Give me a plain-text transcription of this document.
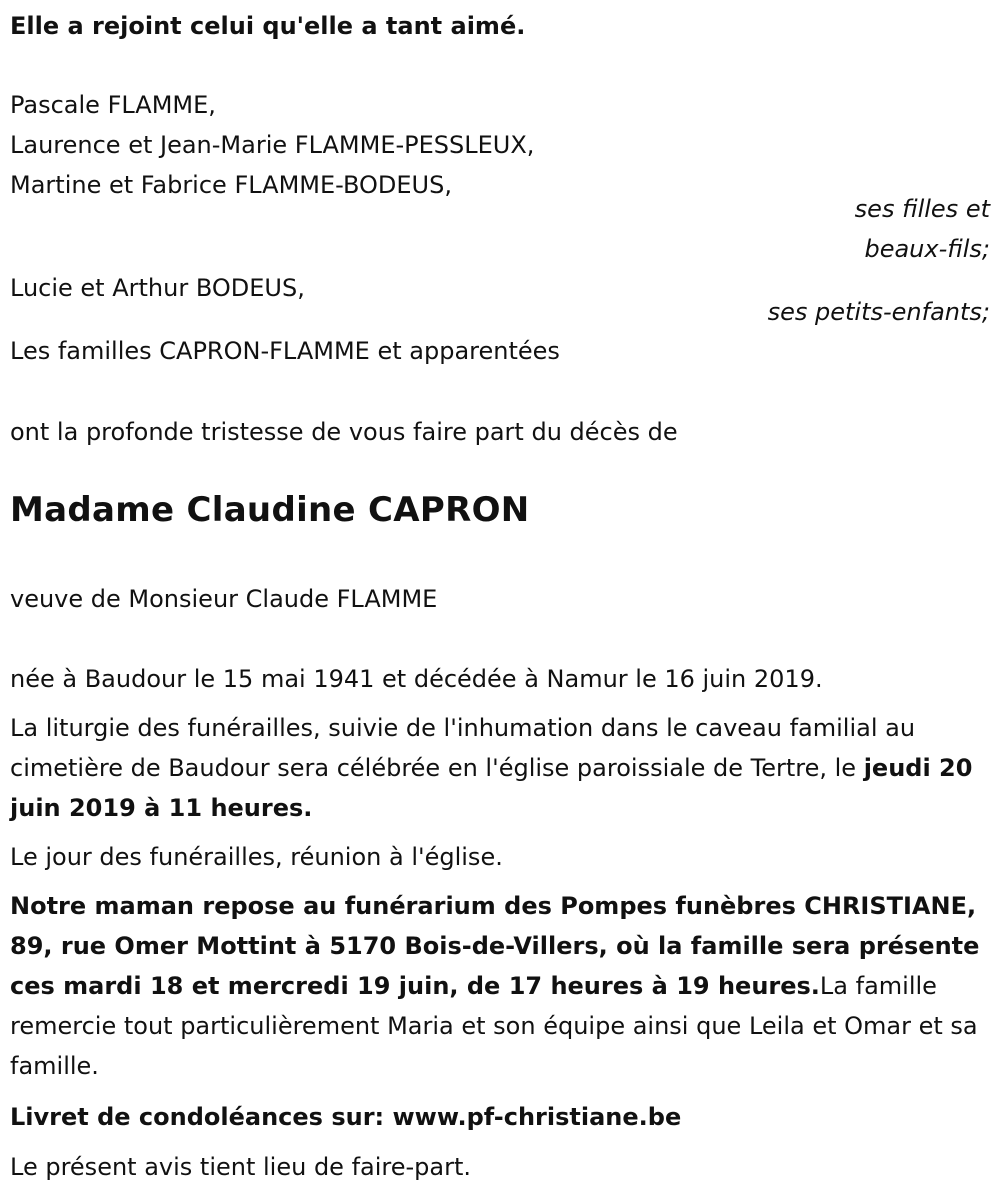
Elle a rejoint celui qu'elle a tant aimé.
Pascale FLAMME,
Laurence et Jean-Marie FLAMME-PESSLEUX,
Martine et Fabrice FLAMME-BODEUS,
ses filles et
beaux-fils;
Lucie et Arthur BODEUS,
ses petits-enfants;
Les familles CAPRON-FLAMME et apparentées
ont la profonde tristesse de vous faire part du décès de
Madame Claudine CAPRON
veuve de Monsieur Claude FLAMME
née à Baudour le 15 mai 1941 et décédée à Namur le 16 juin 2019.
La liturgie des funérailles, suivie de l'inhumation dans le caveau familial au cimetière de Baudour sera célébrée en l'église paroissiale de Tertre, le jeudi 20 juin 2019 à 11 heures.
Le jour des funérailles, réunion à l'église.
Notre maman repose au funérarium des Pompes funèbres CHRISTIANE, 89, rue Omer Mottint à 5170 Bois-de-Villers, où la famille sera présente ces mardi 18 et mercredi 19 juin, de 17 heures à 19 heures.La famille remercie tout particulièrement Maria et son équipe ainsi que Leila et Omar et sa famille.
Livret de condoléances sur: www.pf-christiane.be
Le présent avis tient lieu de faire-part.
